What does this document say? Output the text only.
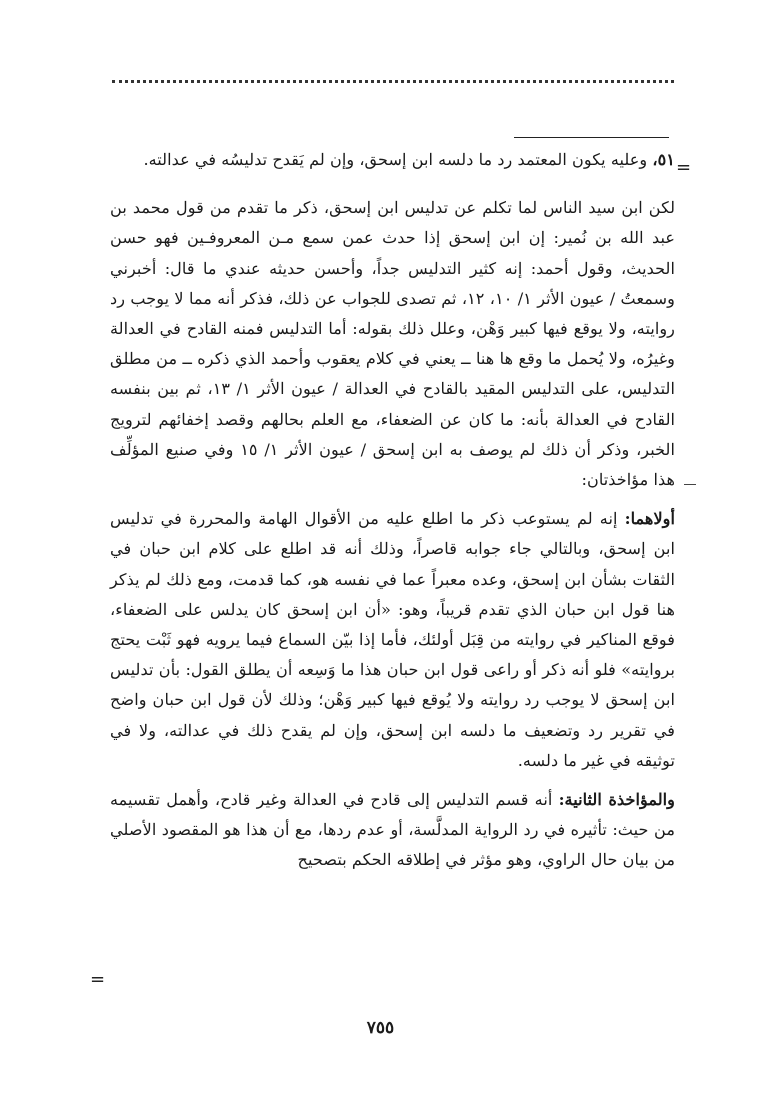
=

٥١، وعليه يكون المعتمد رد ما دلسه ابن إسحق، وإن لم يَقدح تدليسُه في عدالته.

لكن ابن سيد الناس لما تكلم عن تدليس ابن إسحق، ذكر ما تقدم من قول محمد بن عبد الله بن نُمير: إن ابن إسحق إذا حدث عمن سمع مـن المعروفـين فهو حسن الحديث، وقول أحمد: إنه كثير التدليس جداً، وأحسن حديثه عندي ما قال: أخبرني وسمعتُ / عيون الأثر ١/ ١٠، ١٢، ثم تصدى للجواب عن ذلك، فذكر أنه مما لا يوجب رد روايته، ولا يوقع فيها كبير وَهْن، وعلل ذلك بقوله: أما التدليس فمنه القادح في العدالة وغيرُه، ولا يُحمل ما وقع ها هنا ــ يعني في كلام يعقوب وأحمد الذي ذكره ــ من مطلق التدليس، على التدليس المقيد بالقادح في العدالة / عيون الأثر ١/ ١٣، ثم بين بنفسه القادح في العدالة بأنه: ما كان عن الضعفاء، مع العلم بحالهم وقصد إخفائهم لترويج الخبر، وذكر أن ذلك لم يوصف به ابن إسحق / عيون الأثر ١/ ١٥ وفي صنيع المؤلِّف هذا مؤاخذتان:

أولاهما: إنه لم يستوعب ذكر ما اطلع عليه من الأقوال الهامة والمحررة في تدليس ابن إسحق، وبالتالي جاء جوابه قاصراً، وذلك أنه قد اطلع على كلام ابن حبان في الثقات بشأن ابن إسحق، وعده معبراً عما في نفسه هو، كما قدمت، ومع ذلك لم يذكر هنا قول ابن حبان الذي تقدم قريباً، وهو: «أن ابن إسحق كان يدلس على الضعفاء، فوقع المناكير في روايته من قِبَل أولئك، فأما إذا بيّن السماع فيما يرويه فهو ثَبْت يحتج بروايته» فلو أنه ذكر أو راعى قول ابن حبان هذا ما وَسِعه أن يطلق القول: بأن تدليس ابن إسحق لا يوجب رد روايته ولا يُوقع فيها كبير وَهْن؛ وذلك لأن قول ابن حبان واضح في تقرير رد وتضعيف ما دلسه ابن إسحق، وإن لم يقدح ذلك في عدالته، ولا في توثيقه في غير ما دلسه.

والمؤاخذة الثانية: أنه قسم التدليس إلى قادح في العدالة وغير قادح، وأهمل تقسيمه من حيث: تأثيره في رد الرواية المدلَّسة، أو عدم ردها، مع أن هذا هو المقصود الأصلي من بيان حال الراوي، وهو مؤثر في إطلاقه الحكم بتصحيح

=
٧٥٥
